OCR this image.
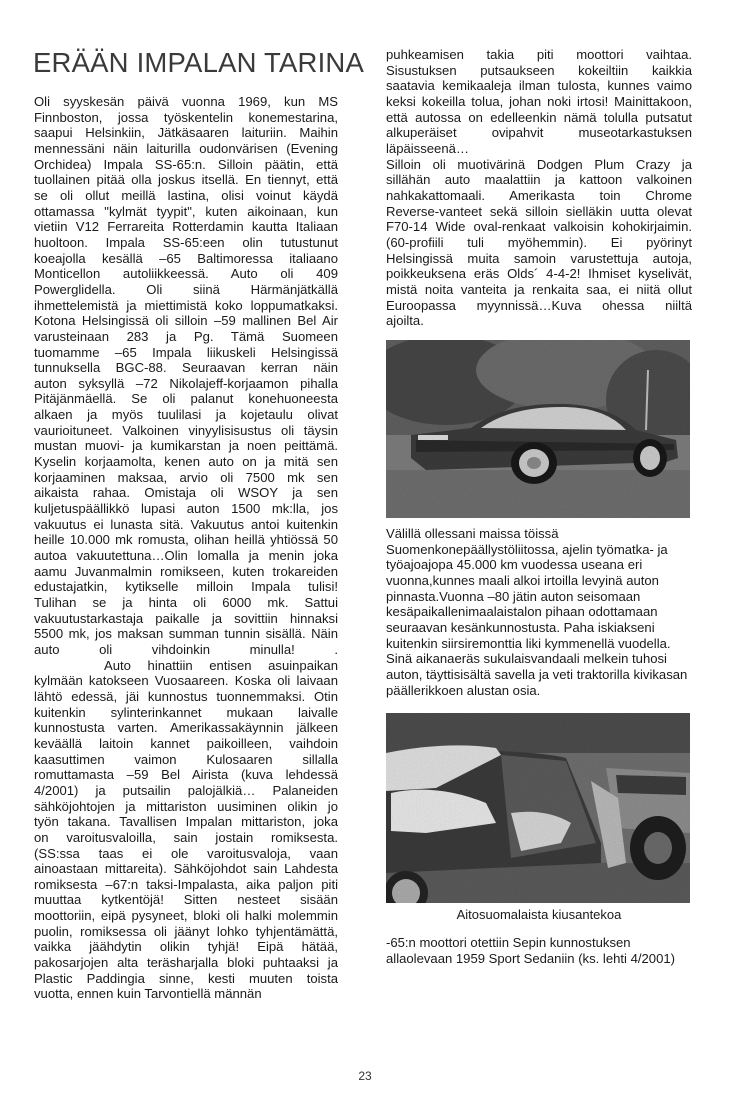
ERÄÄN IMPALAN TARINA
Oli syyskesän päivä vuonna 1969, kun MS
Finnboston, jossa työskentelin konemestarina,
saapui Helsinkiin, Jätkäsaaren laituriin. Maihin
mennessäni näin laiturilla oudonvärisen (Evening
Orchidea) Impala SS-65:n. Silloin päätin, että
tuollainen pitää olla joskus itsellä. En tiennyt, että
se oli ollut meillä lastina, olisi voinut käydä
ottamassa "kylmät tyypit", kuten aikoinaan, kun
vietiin V12 Ferrareita Rotterdamin kautta Italiaan
huoltoon. Impala SS-65:een olin tutustunut
koeajolla kesällä –65 Baltimoressa italiaano
Monticellon autoliikkeessä. Auto oli 409
Powerglidella. Oli siinä Härmänjätkällä
ihmettelemistä ja miettimistä koko loppumatkaksi.
Kotona Helsingissä oli silloin –59 mallinen Bel Air
varusteinaan 283 ja Pg. Tämä Suomeen
tuomamme –65 Impala liikuskeli Helsingissä
tunnuksella BGC-88. Seuraavan kerran näin
auton syksyllä –72 Nikolajeff-korjaamon pihalla
Pitäjänmäellä. Se oli palanut konehuoneesta
alkaen ja myös tuulilasi ja kojetaulu olivat
vaurioituneet. Valkoinen vinyylisisustus oli täysin
mustan muovi- ja kumikarstan ja noen peittämä.
Kyselin korjaamolta, kenen auto on ja mitä sen
korjaaminen maksaa, arvio oli 7500 mk sen
aikaista rahaa. Omistaja oli WSOY ja sen
kuljetuspäällikkö lupasi auton 1500 mk:lla, jos
vakuutus ei lunasta sitä. Vakuutus antoi kuitenkin
heille 10.000 mk romusta, olihan heillä yhtiössä 50
autoa vakuutettuna…Olin lomalla ja menin joka
aamu Juvanmalmin romikseen, kuten trokareiden
edustajatkin, kytikselle milloin Impala tulisi!
Tulihan se ja hinta oli 6000 mk. Sattui
vakuutustarkastaja paikalle ja sovittiin hinnaksi
5500 mk, jos maksan summan tunnin sisällä. Näin
auto oli vihdoinkin minulla! .
Auto hinattiin entisen asuinpaikan
kylmään katokseen Vuosaareen. Koska oli laivaan
lähtö edessä, jäi kunnostus tuonnemmaksi. Otin
kuitenkin sylinterinkannet mukaan laivalle
kunnostusta varten. Amerikassakäynnin jälkeen
keväällä laitoin kannet paikoilleen, vaihdoin
kaasuttimen vaimon Kulosaaren sillalla
romuttamasta –59 Bel Airista (kuva lehdessä
4/2001) ja putsailin palojälkiä… Palaneiden
sähköjohtojen ja mittariston uusiminen olikin jo
työn takana. Tavallisen Impalan mittariston, joka
on varoitusvaloilla, sain jostain romiksesta.
(SS:ssa taas ei ole varoitusvaloja, vaan
ainoastaan mittareita). Sähköjohdot sain Lahdesta
romiksesta –67:n taksi-Impalasta, aika paljon piti
muuttaa kytkentöjä! Sitten nesteet sisään
moottoriin, eipä pysyneet, bloki oli halki molemmin
puolin, romiksessa oli jäänyt lohko tyhjentämättä,
vaikka jäähdytin olikin tyhjä! Eipä hätää,
pakosarjojen alta teräsharjalla bloki puhtaaksi ja
Plastic Paddingia sinne, kesti muuten toista
vuotta, ennen kuin Tarvontiellä männän
puhkeamisen takia piti moottori vaihtaa.
Sisustuksen putsaukseen kokeiltiin kaikkia
saatavia kemikaaleja ilman tulosta, kunnes vaimo
keksi kokeilla tolua, johan noki irtosi! Mainittakoon,
että autossa on edelleenkin nämä tolulla putsatut
alkuperäiset ovipahvit museotarkastuksen
läpäisseenä…
Silloin oli muotivärinä Dodgen Plum Crazy ja
sillähän auto maalattiin ja kattoon valkoinen
nahkakattomaali. Amerikasta toin Chrome
Reverse-vanteet sekä silloin sielläkin uutta olevat
F70-14 Wide oval-renkaat valkoisin kohokirjaimin.
(60-profiili tuli myöhemmin). Ei pyörinyt
Helsingissä muita samoin varustettuja autoja,
poikkeuksena eräs Olds´ 4-4-2! Ihmiset kyselivät,
mistä noita vanteita ja renkaita saa, ei niitä ollut
Euroopassa myynnissä…Kuva ohessa niiltä
ajoilta.
Välillä ollessani maissa töissä Suomenkonepäällystöliitossa, ajelin työmatka- ja työajoajopa 45.000 km vuodessa useana eri vuonna,kunnes maali alkoi irtoilla levyinä auton pinnasta.Vuonna –80 jätin auton seisomaan kesäpaikallenimaalaistalon pihaan odottamaan seuraavan kesänkunnostusta. Paha iskiakseni kuitenkin siirsiremonttia liki kymmenellä vuodella. Sinä aikanaeräs sukulaisvandaali melkein tuhosi auton, täyttisisältä savella ja veti traktorilla kivikasan päällerikkoen alustan osia.
Aitosuomalaista kiusantekoa
-65:n moottori otettiin Sepin kunnostuksen allaolevaan 1959 Sport Sedaniin (ks. lehti 4/2001)
23
